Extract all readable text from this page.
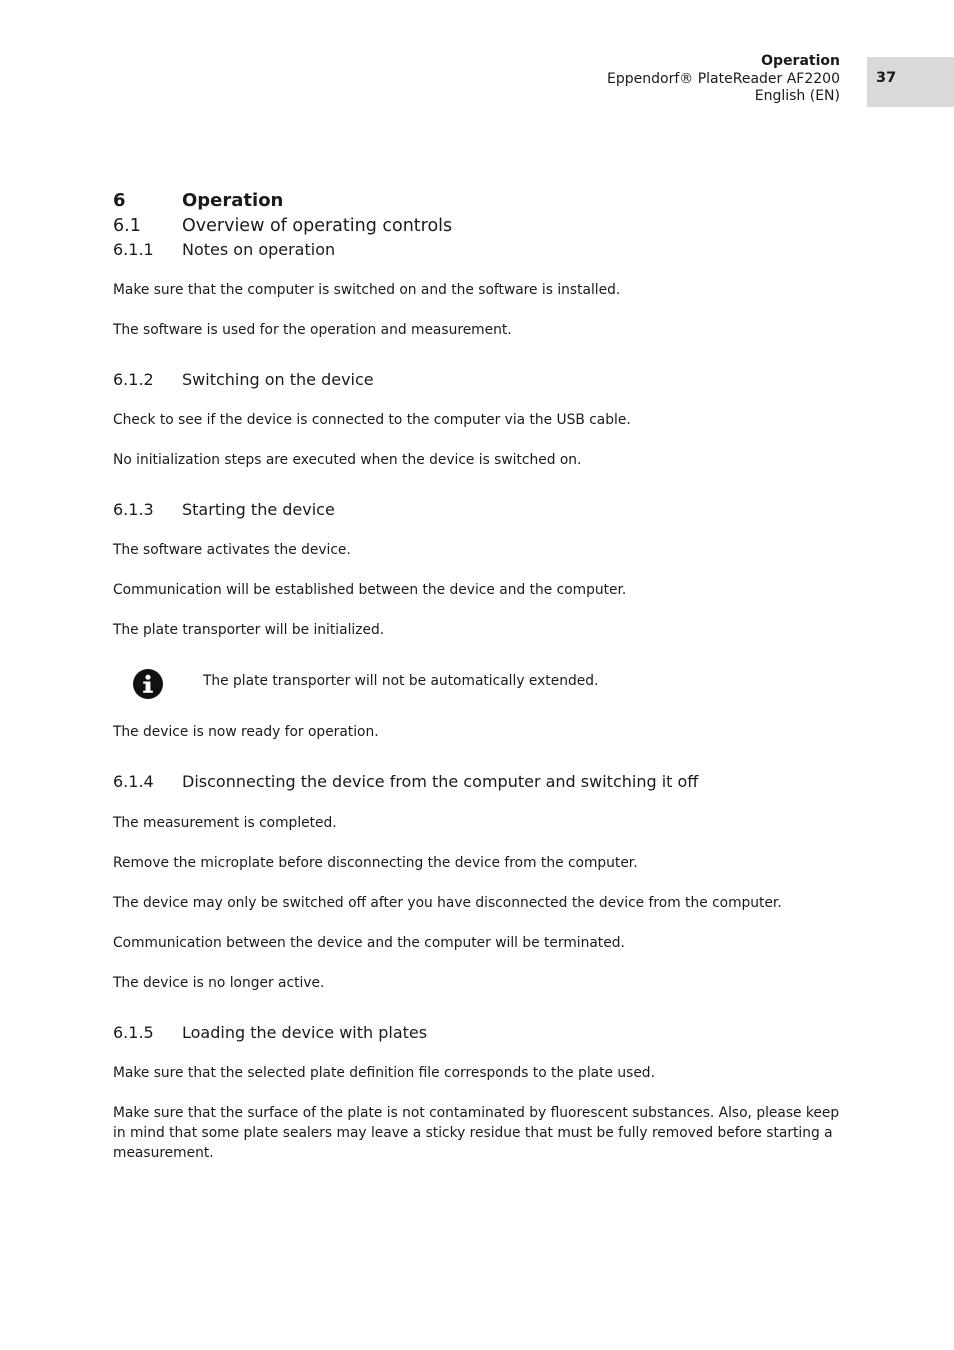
Operation
Eppendorf® PlateReader AF2200
English (EN)
37
6	Operation
6.1 Overview of operating controls
6.1.1 Notes on operation
Make sure that the computer is switched on and the software is installed.
The software is used for the operation and measurement.
6.1.2 Switching on the device
Check to see if the device is connected to the computer via the USB cable.
No initialization steps are executed when the device is switched on.
6.1.3 Starting the device
The software activates the device.
Communication will be established between the device and the computer.
The plate transporter will be initialized.
The plate transporter will not be automatically extended.
The device is now ready for operation.
6.1.4 Disconnecting the device from the computer and switching it off
The measurement is completed.
Remove the microplate before disconnecting the device from the computer.
The device may only be switched off after you have disconnected the device from the computer.
Communication between the device and the computer will be terminated.
The device is no longer active.
6.1.5 Loading the device with plates
Make sure that the selected plate definition file corresponds to the plate used.
Make sure that the surface of the plate is not contaminated by fluorescent substances. Also, please keep in mind that some plate sealers may leave a sticky residue that must be fully removed before starting a measurement.
